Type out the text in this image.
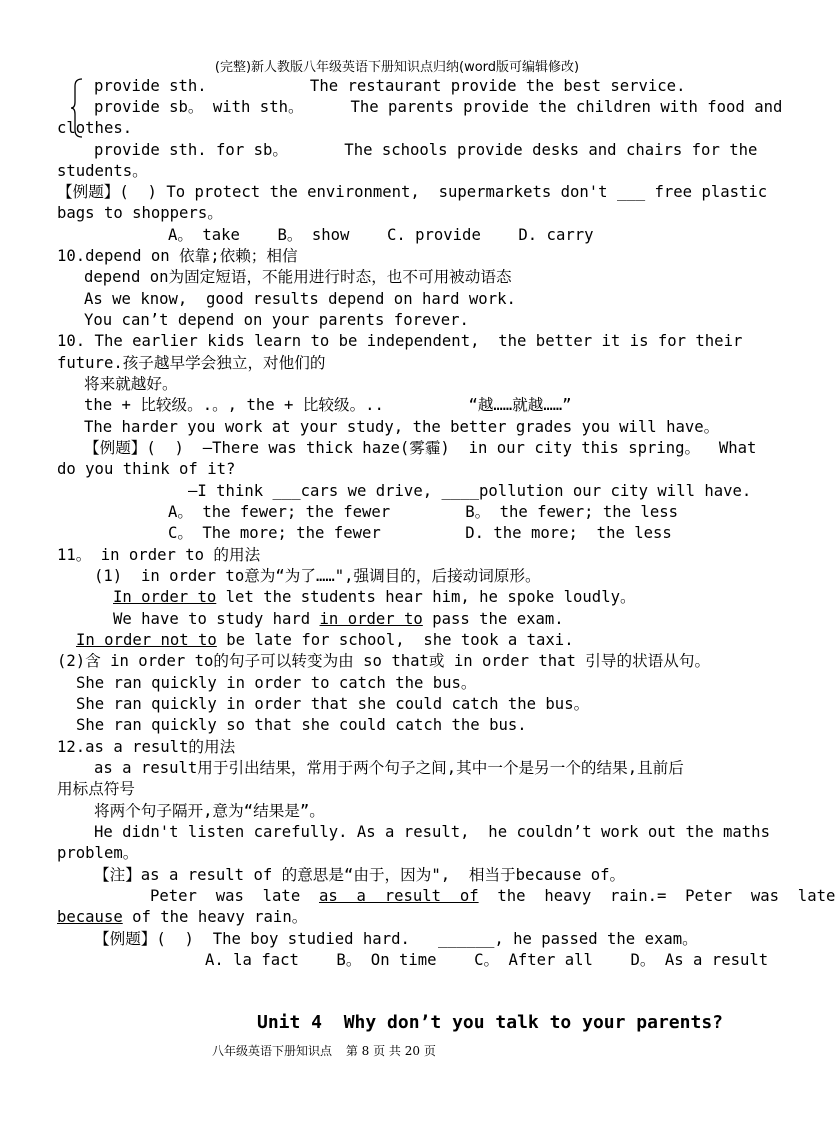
(完整)新人教版八年级英语下册知识点归纳(word版可编辑修改)
provide sth.           The restaurant provide the best service.
provide sb。 with sth。     The parents provide the children with food and
clothes.
provide sth. for sb。      The schools provide desks and chairs for the
students。
【例题】(  ) To protect the environment,  supermarkets don't ___ free plastic
bags to shoppers。
A。 take    B。 show    C. provide    D. carry
10.depend on 依靠;依赖；相信
depend on为固定短语，不能用进行时态，也不可用被动语态
As we know,  good results depend on hard work.
You can’t depend on your parents forever.
10. The earlier kids learn to be independent,  the better it is for their
future.孩子越早学会独立，对他们的
将来就越好。
the + 比较级。.。, the + 比较级。..         “越……就越……”
The harder you work at your study, the better grades you will have。
【例题】(  )  —There was thick haze(雾霾)  in our city this spring。  What
do you think of it?
—I think ___cars we drive, ____pollution our city will have.
A。 the fewer; the fewer        B。 the fewer; the less
C。 The more; the fewer         D. the more;  the less
11。 in order to 的用法
(1)  in order to意为“为了……",强调目的，后接动词原形。
In order to let the students hear him, he spoke loudly。
We have to study hard in order to pass the exam.
In order not to be late for school,  she took a taxi.
(2)含 in order to的句子可以转变为由 so that或 in order that 引导的状语从句。
She ran quickly in order to catch the bus。
She ran quickly in order that she could catch the bus。
She ran quickly so that she could catch the bus.
12.as a result的用法
as a result用于引出结果，常用于两个句子之间,其中一个是另一个的结果,且前后
用标点符号
将两个句子隔开,意为“结果是”。
He didn't listen carefully. As a result,  he couldn’t work out the maths
problem。
【注】as a result of 的意思是“由于，因为",  相当于because of。
Peter  was  late  as  a  result  of  the  heavy  rain.=  Peter  was  late
because of the heavy rain。
【例题】(  )  The boy studied hard.   ______, he passed the exam。
A. la fact    B。 On time    C。 After all    D。 As a result
Unit 4  Why don’t you talk to your parents?
八年级英语下册知识点 第 8 页 共 20 页
